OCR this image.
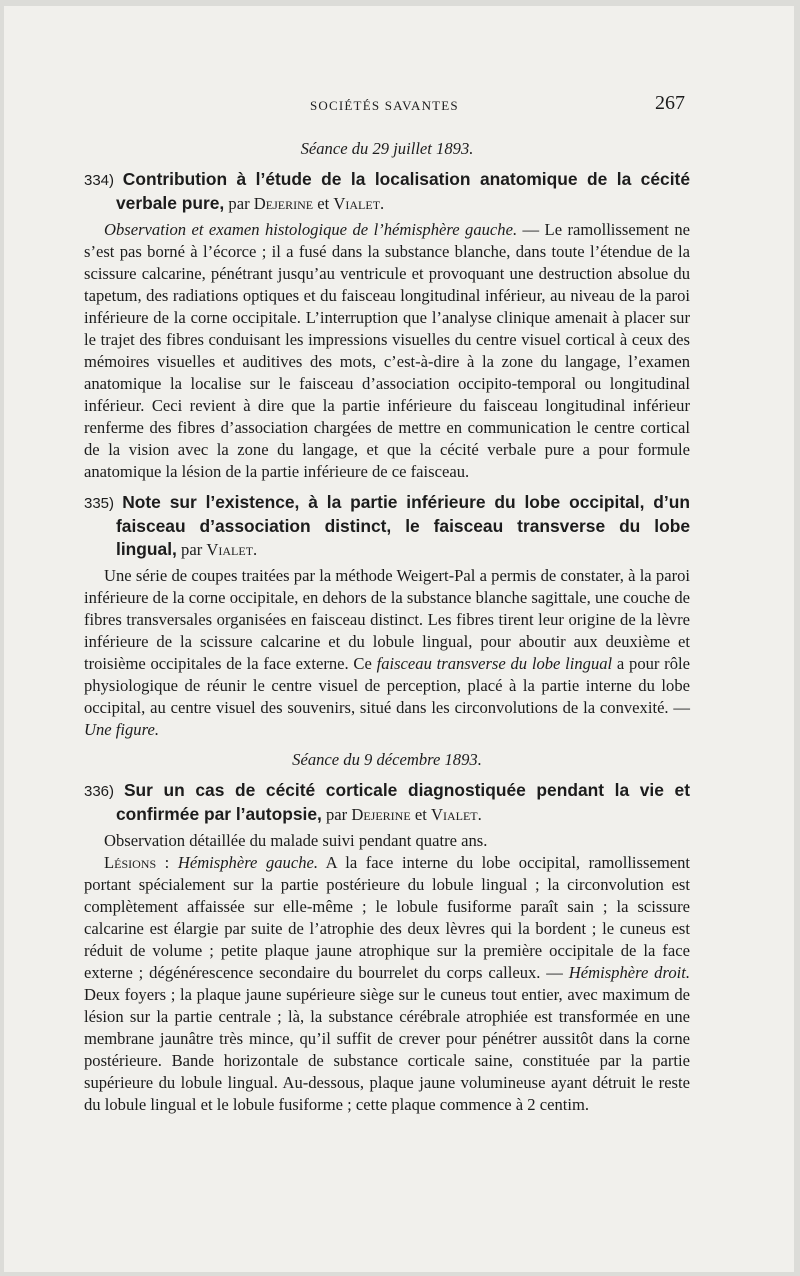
SOCIÉTÉS SAVANTES	267

Séance du 29 juillet 1893.

334) Contribution à l’étude de la localisation anatomique de la cécité verbale pure, par Dejerine et Vialet.

Observation et examen histologique de l’hémisphère gauche. — Le ramollissement ne s’est pas borné à l’écorce ; il a fusé dans la substance blanche, dans toute l’étendue de la scissure calcarine, pénétrant jusqu’au ventricule et provoquant une destruction absolue du tapetum, des radiations optiques et du faisceau longitudinal inférieur, au niveau de la paroi inférieure de la corne occipitale. L’interruption que l’analyse clinique amenait à placer sur le trajet des fibres conduisant les impressions visuelles du centre visuel cortical à ceux des mémoires visuelles et auditives des mots, c’est-à-dire à la zone du langage, l’examen anatomique la localise sur le faisceau d’association occipito-temporal ou longitudinal inférieur. Ceci revient à dire que la partie inférieure du faisceau longitudinal inférieur renferme des fibres d’association chargées de mettre en communication le centre cortical de la vision avec la zone du langage, et que la cécité verbale pure a pour formule anatomique la lésion de la partie inférieure de ce faisceau.

335) Note sur l’existence, à la partie inférieure du lobe occipital, d’un faisceau d’association distinct, le faisceau transverse du lobe lingual, par Vialet.

Une série de coupes traitées par la méthode Weigert-Pal a permis de constater, à la paroi inférieure de la corne occipitale, en dehors de la substance blanche sagittale, une couche de fibres transversales organisées en faisceau distinct. Les fibres tirent leur origine de la lèvre inférieure de la scissure calcarine et du lobule lingual, pour aboutir aux deuxième et troisième occipitales de la face externe. Ce faisceau transverse du lobe lingual a pour rôle physiologique de réunir le centre visuel de perception, placé à la partie interne du lobe occipital, au centre visuel des souvenirs, situé dans les circonvolutions de la convexité. — Une figure.

Séance du 9 décembre 1893.

336) Sur un cas de cécité corticale diagnostiquée pendant la vie et confirmée par l’autopsie, par Dejerine et Vialet.

Observation détaillée du malade suivi pendant quatre ans.

Lésions : Hémisphère gauche. A la face interne du lobe occipital, ramollissement portant spécialement sur la partie postérieure du lobule lingual ; la circonvolution est complètement affaissée sur elle-même ; le lobule fusiforme paraît sain ; la scissure calcarine est élargie par suite de l’atrophie des deux lèvres qui la bordent ; le cuneus est réduit de volume ; petite plaque jaune atrophique sur la première occipitale de la face externe ; dégénérescence secondaire du bourrelet du corps calleux. — Hémisphère droit. Deux foyers ; la plaque jaune supérieure siège sur le cuneus tout entier, avec maximum de lésion sur la partie centrale ; là, la substance cérébrale atrophiée est transformée en une membrane jaunâtre très mince, qu’il suffit de crever pour pénétrer aussitôt dans la corne postérieure. Bande horizontale de substance corticale saine, constituée par la partie supérieure du lobule lingual. Au-dessous, plaque jaune volumineuse ayant détruit le reste du lobule lingual et le lobule fusiforme ; cette plaque commence à 2 centim.
